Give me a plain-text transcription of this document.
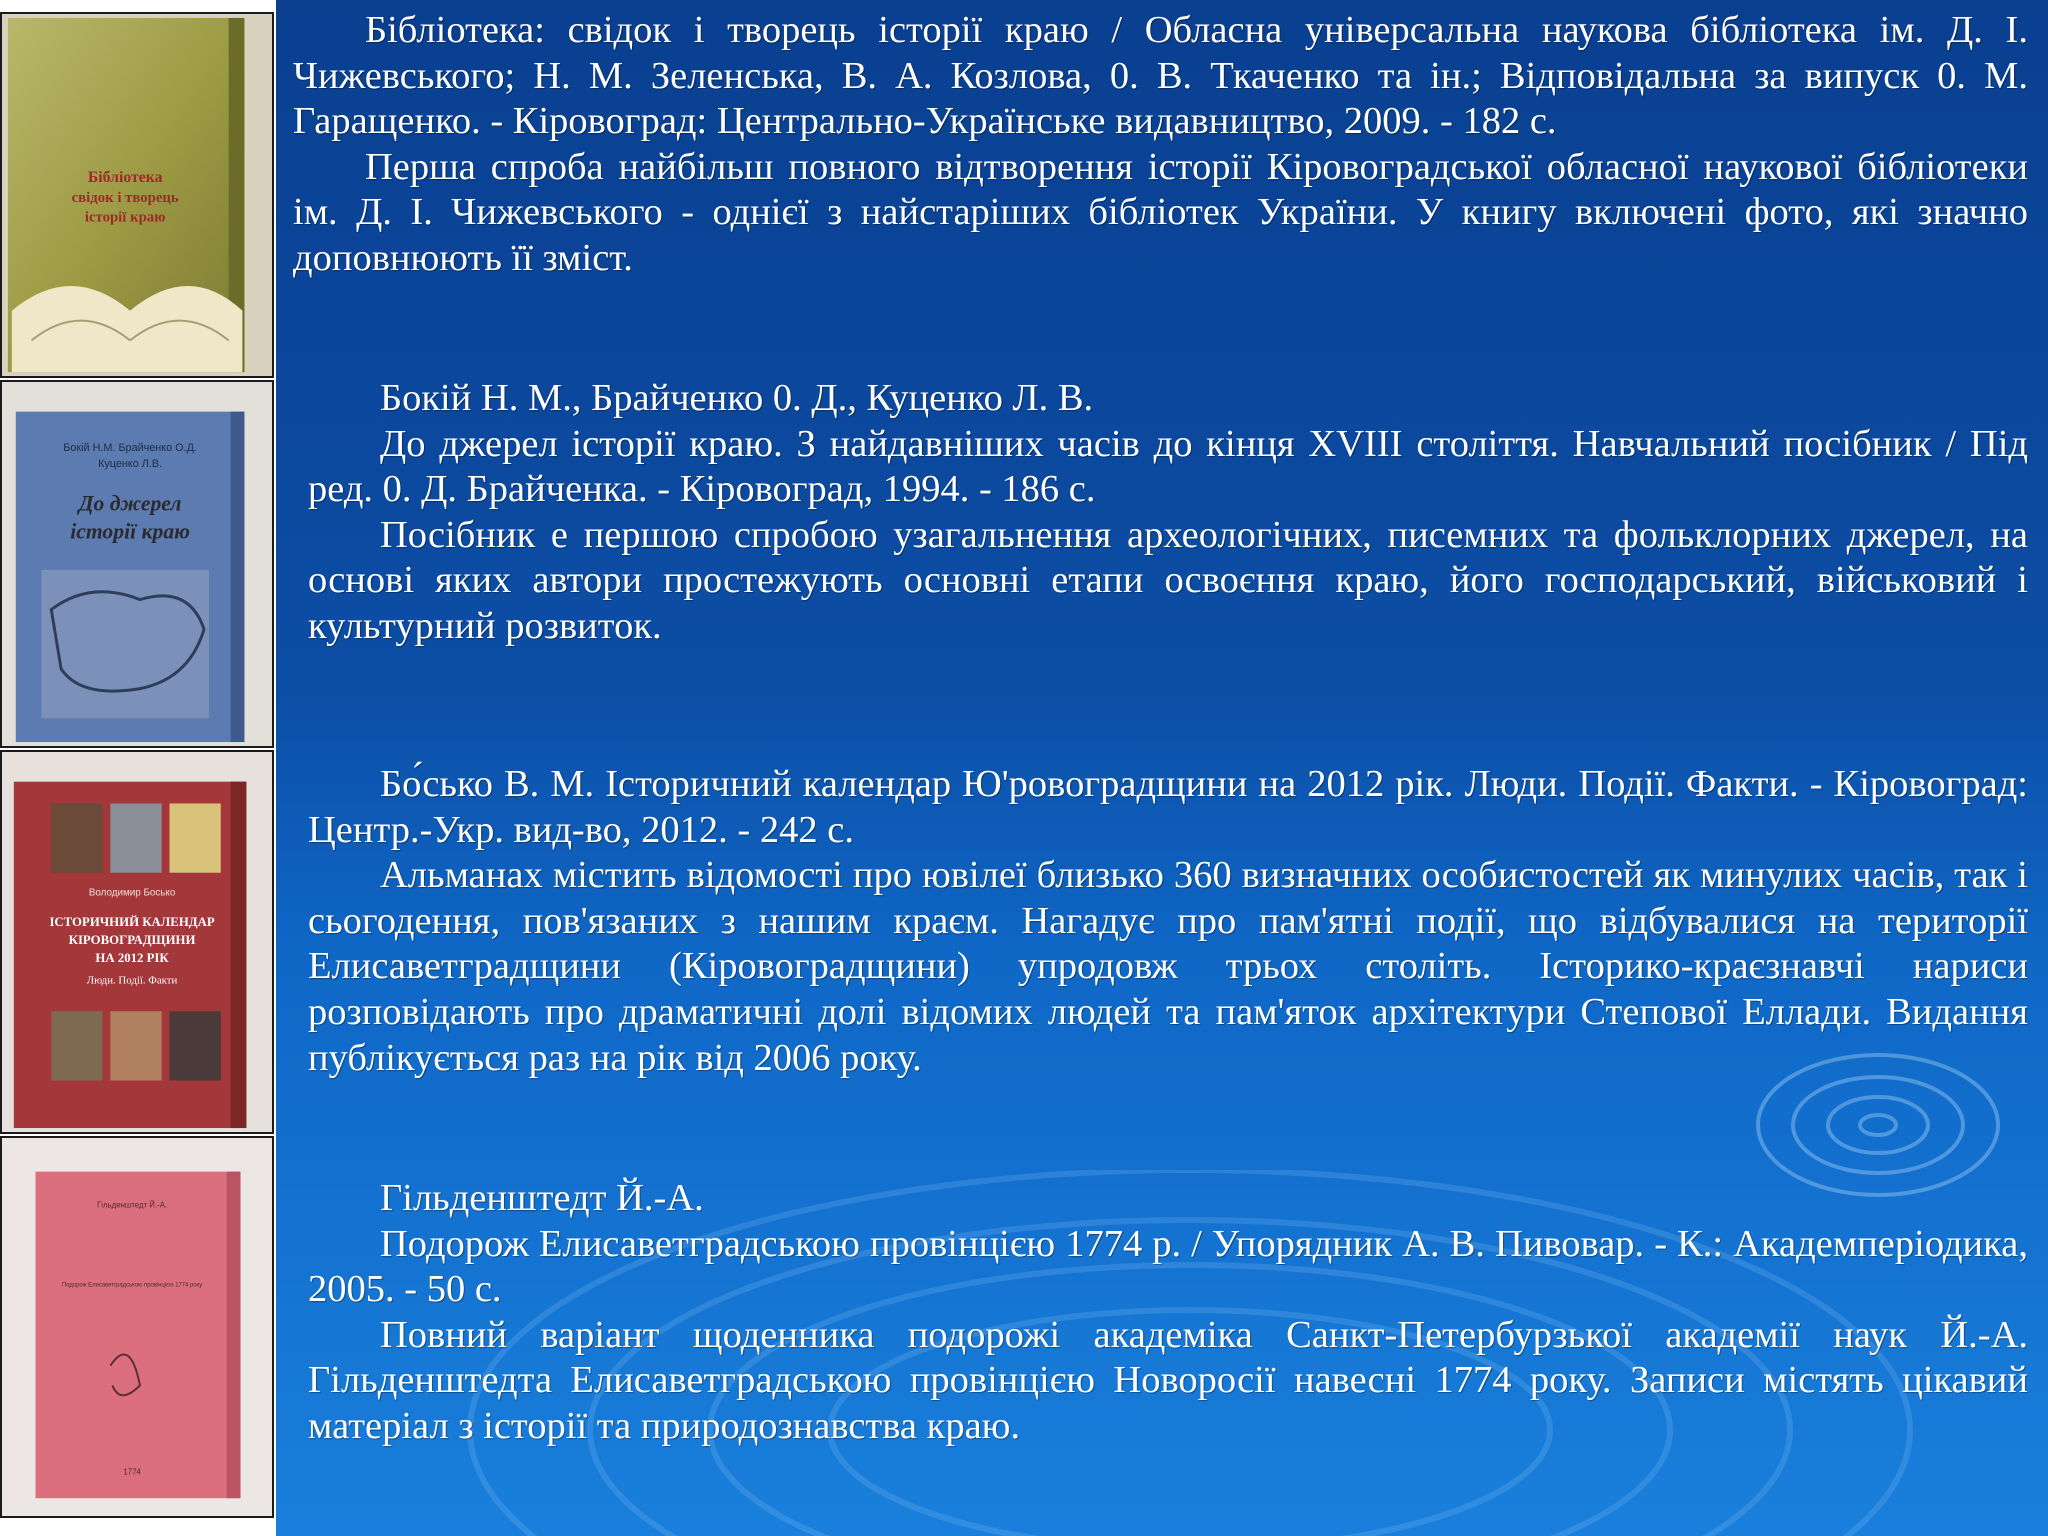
Бібліотека
свідок і творець
історії краю
Бокій Н.М. Брайченко О.Д.
Куценко Л.В.
До джерел
історії краю
Володимир Босько
ІСТОРИЧНИЙ КАЛЕНДАР
КІРОВОГРАДЩИНИ
НА 2012 РІК
Люди. Події. Факти
Гільденштедт Й.-А.
Подорож Елисаветградською провінцією 1774 року
1774

Бібліотека: свідок і творець історії краю / Обласна універсальна наукова бібліотека ім. Д. І. Чижевського; Н. М. Зеленська, В. А. Козлова, 0. В. Ткаченко та ін.; Відповідальна за випуск 0. М. Гаращенко. - Кіровоград: Центрально-Українське видавництво, 2009. - 182 с.

Перша спроба найбільш повного відтворення історії Кіровоградської обласної наукової бібліотеки ім. Д. І. Чижевського - однієї з найстаріших бібліотек України. У книгу включені фото, які значно доповнюють її зміст.

Бокій Н. М., Брайченко 0. Д., Куценко Л. В.

До джерел історії краю. З найдавніших часів до кінця XVIII століття. Навчальний посібник / Під ред. 0. Д. Брайченка. - Кіровоград, 1994. - 186 с.

Посібник е першою спробою узагальнення археологічних, писемних та фольклорних джерел, на основі яких автори простежують основні етапи освоєння краю, його господарський, військовий і культурний розвиток.

Бо́сько В. М. Історичний календар Ю'ровоградщини на 2012 рік. Люди. Події. Факти. - Кіровоград: Центр.-Укр. вид-во, 2012. - 242 с.

Альманах містить відомості про ювілеї близько 360 визначних особистостей як минулих часів, так і сьогодення, пов'язаних з нашим краєм. Нагадує про пам'ятні події, що відбувалися на території Елисаветградщини (Кіровоградщини) упродовж трьох століть. Історико-краєзнавчі нариси розповідають про драматичні долі відомих людей та пам'яток архітектури Степової Еллади. Видання публікується раз на рік від 2006 року.

Гільденштедт Й.-А.

Подорож Елисаветградською провінцією 1774 р. / Упорядник А. В. Пивовар. - К.: Академперіодика, 2005. - 50 с.

Повний варіант щоденника подорожі академіка Санкт-Петербурзької академії наук Й.-А. Гільденштедта Елисаветградською провінцією Новоросії навесні 1774 року. Записи містять цікавий матеріал з історії та природознавства краю.
